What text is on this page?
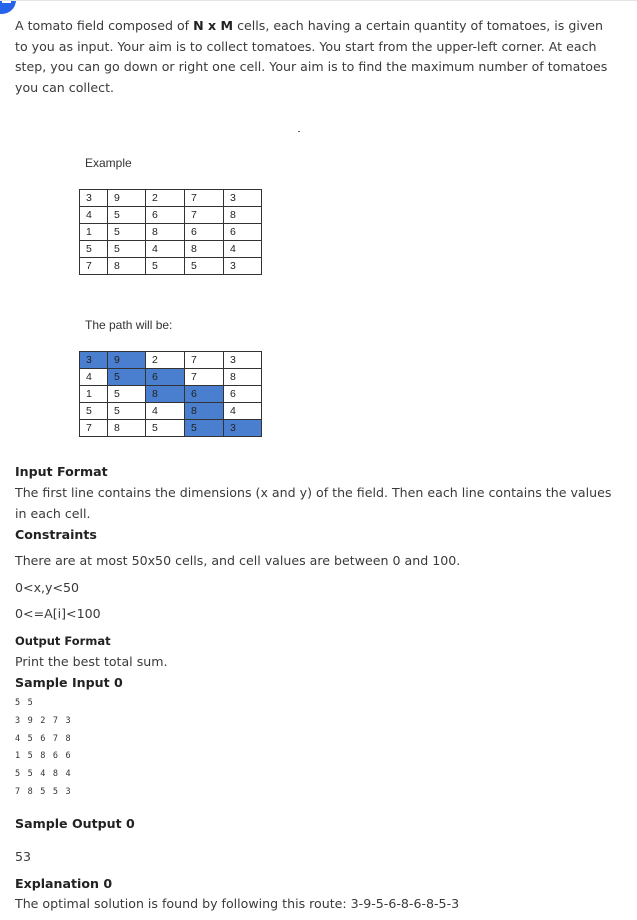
A tomato field composed of N x M cells, each having a certain quantity of tomatoes, is given to you as input. Your aim is to collect tomatoes. You start from the upper-left corner. At each step, you can go down or right one cell. Your aim is to find the maximum number of tomatoes you can collect.

Example
3	9	2	7	3
4	5	6	7	8
1	5	8	6	6
5	5	4	8	4
7	8	5	5	3
The path will be:
3	9	2	7	3
4	5	6	7	8
1	5	8	6	6
5	5	4	8	4
7	8	5	5	3
Input Format

The first line contains the dimensions (x and y) of the field. Then each line contains the values in each cell.

Constraints

There are at most 50x50 cells, and cell values are between 0 and 100.

0<x,y<50

0<=A[i]<100

Output Format

Print the best total sum.

Sample Input 0

5 5

3 9 2 7 3

4 5 6 7 8

1 5 8 6 6

5 5 4 8 4

7 8 5 5 3

Sample Output 0

53

Explanation 0

The optimal solution is found by following this route: 3-9-5-6-8-6-8-5-3
